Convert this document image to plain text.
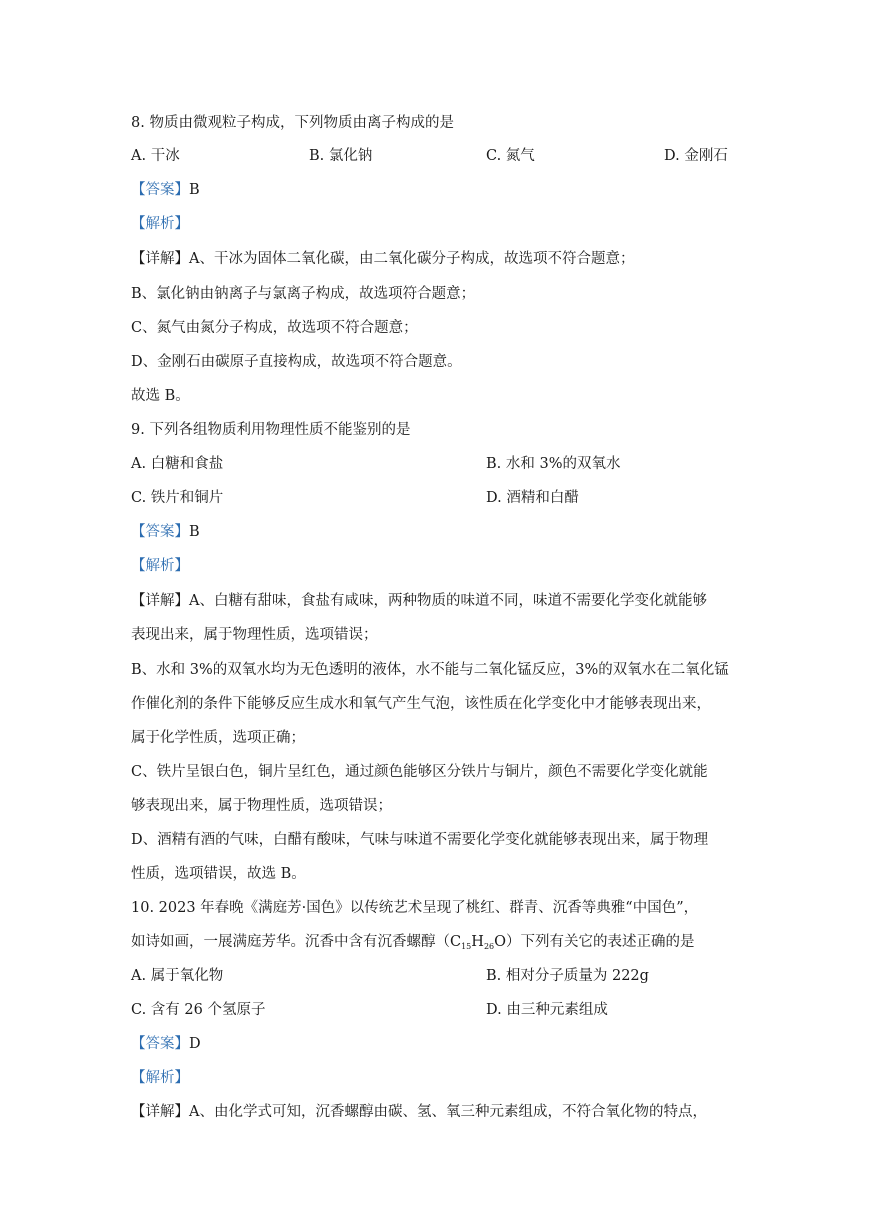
8. 物质由微观粒子构成，下列物质由离子构成的是
A. 干冰	B. 氯化钠	C. 氮气	D. 金刚石
【答案】B
【解析】
【详解】A、干冰为固体二氧化碳，由二氧化碳分子构成，故选项不符合题意；
B、氯化钠由钠离子与氯离子构成，故选项符合题意；
C、氮气由氮分子构成，故选项不符合题意；
D、金刚石由碳原子直接构成，故选项不符合题意。
故选 B。
9. 下列各组物质利用物理性质不能鉴别的是
A. 白糖和食盐	B. 水和 3%的双氧水
C. 铁片和铜片	D. 酒精和白醋
【答案】B
【解析】
【详解】A、白糖有甜味，食盐有咸味，两种物质的味道不同，味道不需要化学变化就能够
表现出来，属于物理性质，选项错误；
B、水和 3%的双氧水均为无色透明的液体，水不能与二氧化锰反应，3%的双氧水在二氧化锰
作催化剂的条件下能够反应生成水和氧气产生气泡，该性质在化学变化中才能够表现出来，
属于化学性质，选项正确；
C、铁片呈银白色，铜片呈红色，通过颜色能够区分铁片与铜片，颜色不需要化学变化就能
够表现出来，属于物理性质，选项错误；
D、酒精有酒的气味，白醋有酸味，气味与味道不需要化学变化就能够表现出来，属于物理
性质，选项错误，故选 B。
10. 2023 年春晚《满庭芳·国色》以传统艺术呈现了桃红、群青、沉香等典雅“中国色”，
如诗如画，一展满庭芳华。沉香中含有沉香螺醇$(C_{15}H_{26}O)$下列有关它的表述正确的是
A. 属于氧化物	B. 相对分子质量为 222g
C. 含有 26 个氢原子	D. 由三种元素组成
【答案】D
【解析】
【详解】A、由化学式可知，沉香螺醇由碳、氢、氧三种元素组成，不符合氧化物的特点，
